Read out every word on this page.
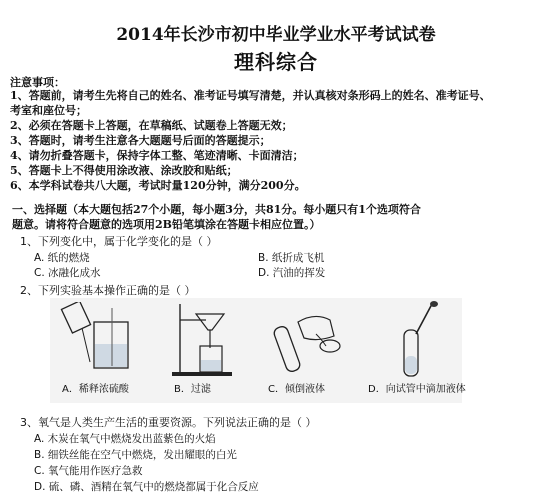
2014年长沙市初中毕业学业水平考试试卷
理科综合
注意事项：
1、答题前，请考生先将自己的姓名、准考证号填写清楚，并认真核对条形码上的姓名、准考证号、
考室和座位号；
2、必须在答题卡上答题，在草稿纸、试题卷上答题无效；
3、答题时，请考生注意各大题题号后面的答题提示；
4、请勿折叠答题卡，保持字体工整、笔迹清晰、卡面清洁；
5、答题卡上不得使用涂改液、涂改胶和贴纸；
6、本学科试卷共八大题，考试时量120分钟，满分200分。
一、选择题（本大题包括27个小题，每小题3分，共81分。每小题只有1个选项符合
题意。请将符合题意的选项用2B铅笔填涂在答题卡相应位置。）
1、下列变化中，属于化学变化的是（ ）
A. 纸的燃烧	B. 纸折成飞机
C. 冰融化成水	D. 汽油的挥发
2、下列实验基本操作正确的是（ ）
A．稀释浓硫酸	B．过滤	C．倾倒液体	D．向试管中滴加液体
3、氧气是人类生产生活的重要资源。下列说法正确的是（ ）
A. 木炭在氧气中燃烧发出蓝紫色的火焰
B. 细铁丝能在空气中燃烧，发出耀眼的白光
C. 氧气能用作医疗急救
D. 硫、磷、酒精在氧气中的燃烧都属于化合反应
